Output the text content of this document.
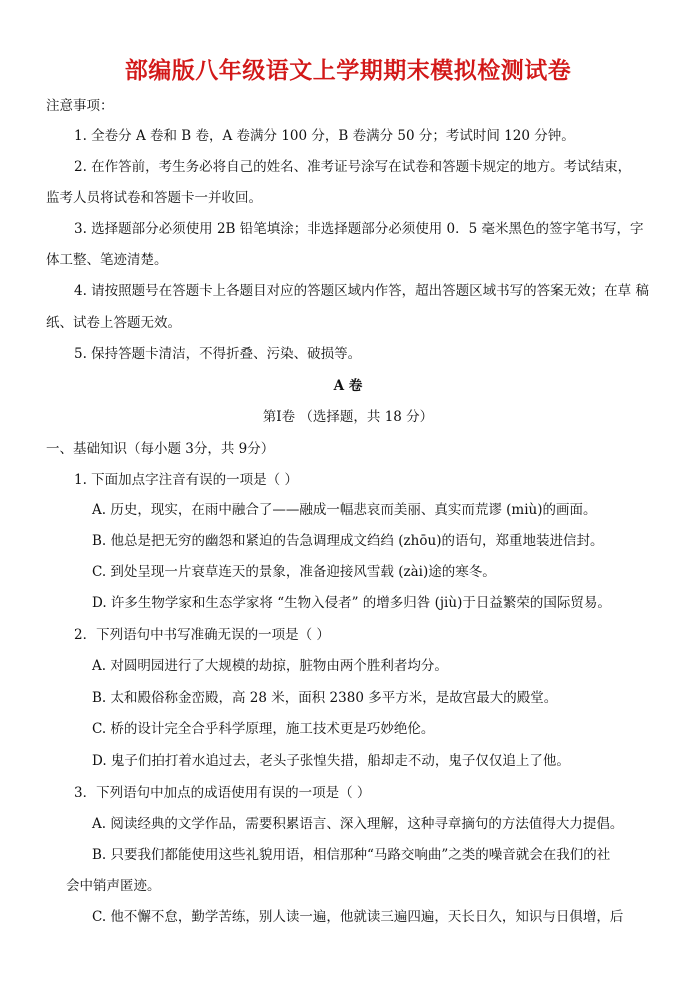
部编版八年级语文上学期期末模拟检测试卷
注意事项：
1. 全卷分 A 卷和 B 卷，A 卷满分 100 分，B 卷满分 50 分；考试时间 120 分钟。
2. 在作答前，考生务必将自己的姓名、准考证号涂写在试卷和答题卡规定的地方。考试结束，
监考人员将试卷和答题卡一并收回。
3. 选择题部分必须使用 2B 铅笔填涂；非选择题部分必须使用 0．5 毫米黑色的签字笔书写，字
体工整、笔迹清楚。
4. 请按照题号在答题卡上各题目对应的答题区域内作答，超出答题区域书写的答案无效；在草 稿
纸、试卷上答题无效。
5. 保持答题卡清洁，不得折叠、污染、破损等。
A 卷
第Ⅰ卷 （选择题，共 18 分）
一、基础知识（每小题 3分，共 9分）
1. 下面加点字注音有误的一项是（ ）
A. 历史，现实，在雨中融合了——融成一幅悲哀而美丽、真实而荒谬 (miù)的画面。
B. 他总是把无穷的幽怨和紧迫的告急调理成文绉绉 (zhōu)的语句，郑重地装进信封。
C. 到处呈现一片衰草连天的景象，准备迎接风雪载 (zài)途的寒冬。
D. 许多生物学家和生态学家将 “生物入侵者” 的增多归咎 (jiù)于日益繁荣的国际贸易。
2．下列语句中书写准确无误的一项是（ ）
A. 对圆明园进行了大规模的劫掠，脏物由两个胜利者均分。
B. 太和殿俗称金峦殿，高 28 米，面积 2380 多平方米，是故宫最大的殿堂。
C. 桥的设计完全合乎科学原理，施工技术更是巧妙绝伦。
D. 鬼子们拍打着水追过去，老头子张惶失措，船却走不动，鬼子仅仅追上了他。
3．下列语句中加点的成语使用有误的一项是（ ）
A. 阅读经典的文学作品，需要积累语言、深入理解，这种寻章摘句的方法值得大力提倡。
B. 只要我们都能使用这些礼貌用语，相信那种“马路交响曲”之类的噪音就会在我们的社
会中销声匿迹。
C. 他不懈不怠，勤学苦练，别人读一遍，他就读三遍四遍，天长日久，知识与日俱增，后
